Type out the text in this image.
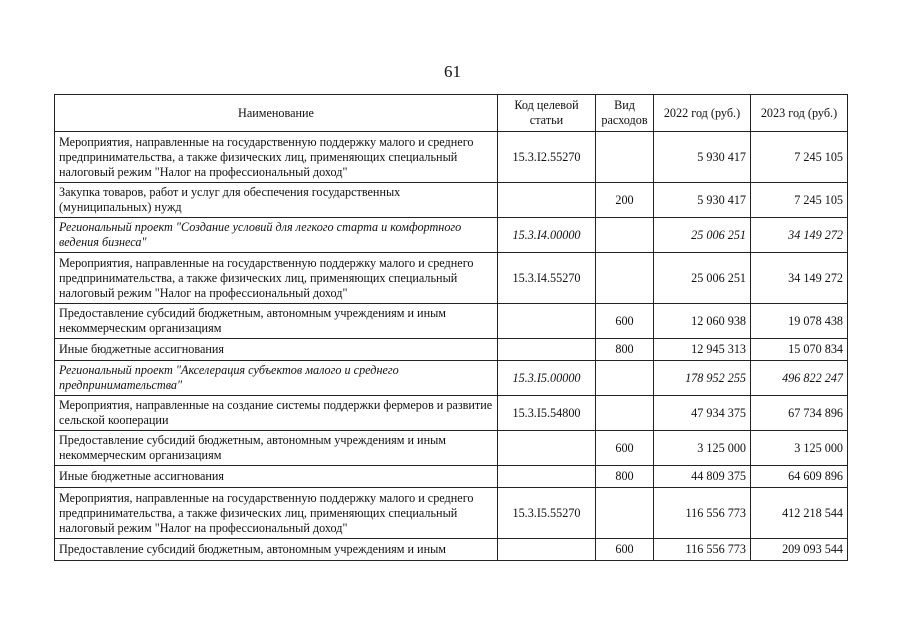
61
Наименование	Код целевой статьи	Вид расходов	2022 год (руб.)	2023 год (руб.)
Мероприятия, направленные на государственную поддержку малого и среднего предпринимательства, а также физических лиц, применяющих специальный налоговый режим "Налог на профессиональный доход"	15.3.I2.55270		5 930 417	7 245 105
Закупка товаров, работ и услуг для обеспечения государственных (муниципальных) нужд		200	5 930 417	7 245 105
Региональный проект "Создание условий для легкого старта и комфортного ведения бизнеса"	15.3.I4.00000		25 006 251	34 149 272
Мероприятия, направленные на государственную поддержку малого и среднего предпринимательства, а также физических лиц, применяющих специальный налоговый режим "Налог на профессиональный доход"	15.3.I4.55270		25 006 251	34 149 272
Предоставление субсидий бюджетным, автономным учреждениям и иным некоммерческим организациям		600	12 060 938	19 078 438
Иные бюджетные ассигнования		800	12 945 313	15 070 834
Региональный проект "Акселерация субъектов малого и среднего предпринимательства"	15.3.I5.00000		178 952 255	496 822 247
Мероприятия, направленные на создание системы поддержки фермеров и развитие сельской кооперации	15.3.I5.54800		47 934 375	67 734 896
Предоставление субсидий бюджетным, автономным учреждениям и иным некоммерческим организациям		600	3 125 000	3 125 000
Иные бюджетные ассигнования		800	44 809 375	64 609 896
Мероприятия, направленные на государственную поддержку малого и среднего предпринимательства, а также физических лиц, применяющих специальный налоговый режим "Налог на профессиональный доход"	15.3.I5.55270		116 556 773	412 218 544
Предоставление субсидий бюджетным, автономным учреждениям и иным		600	116 556 773	209 093 544
